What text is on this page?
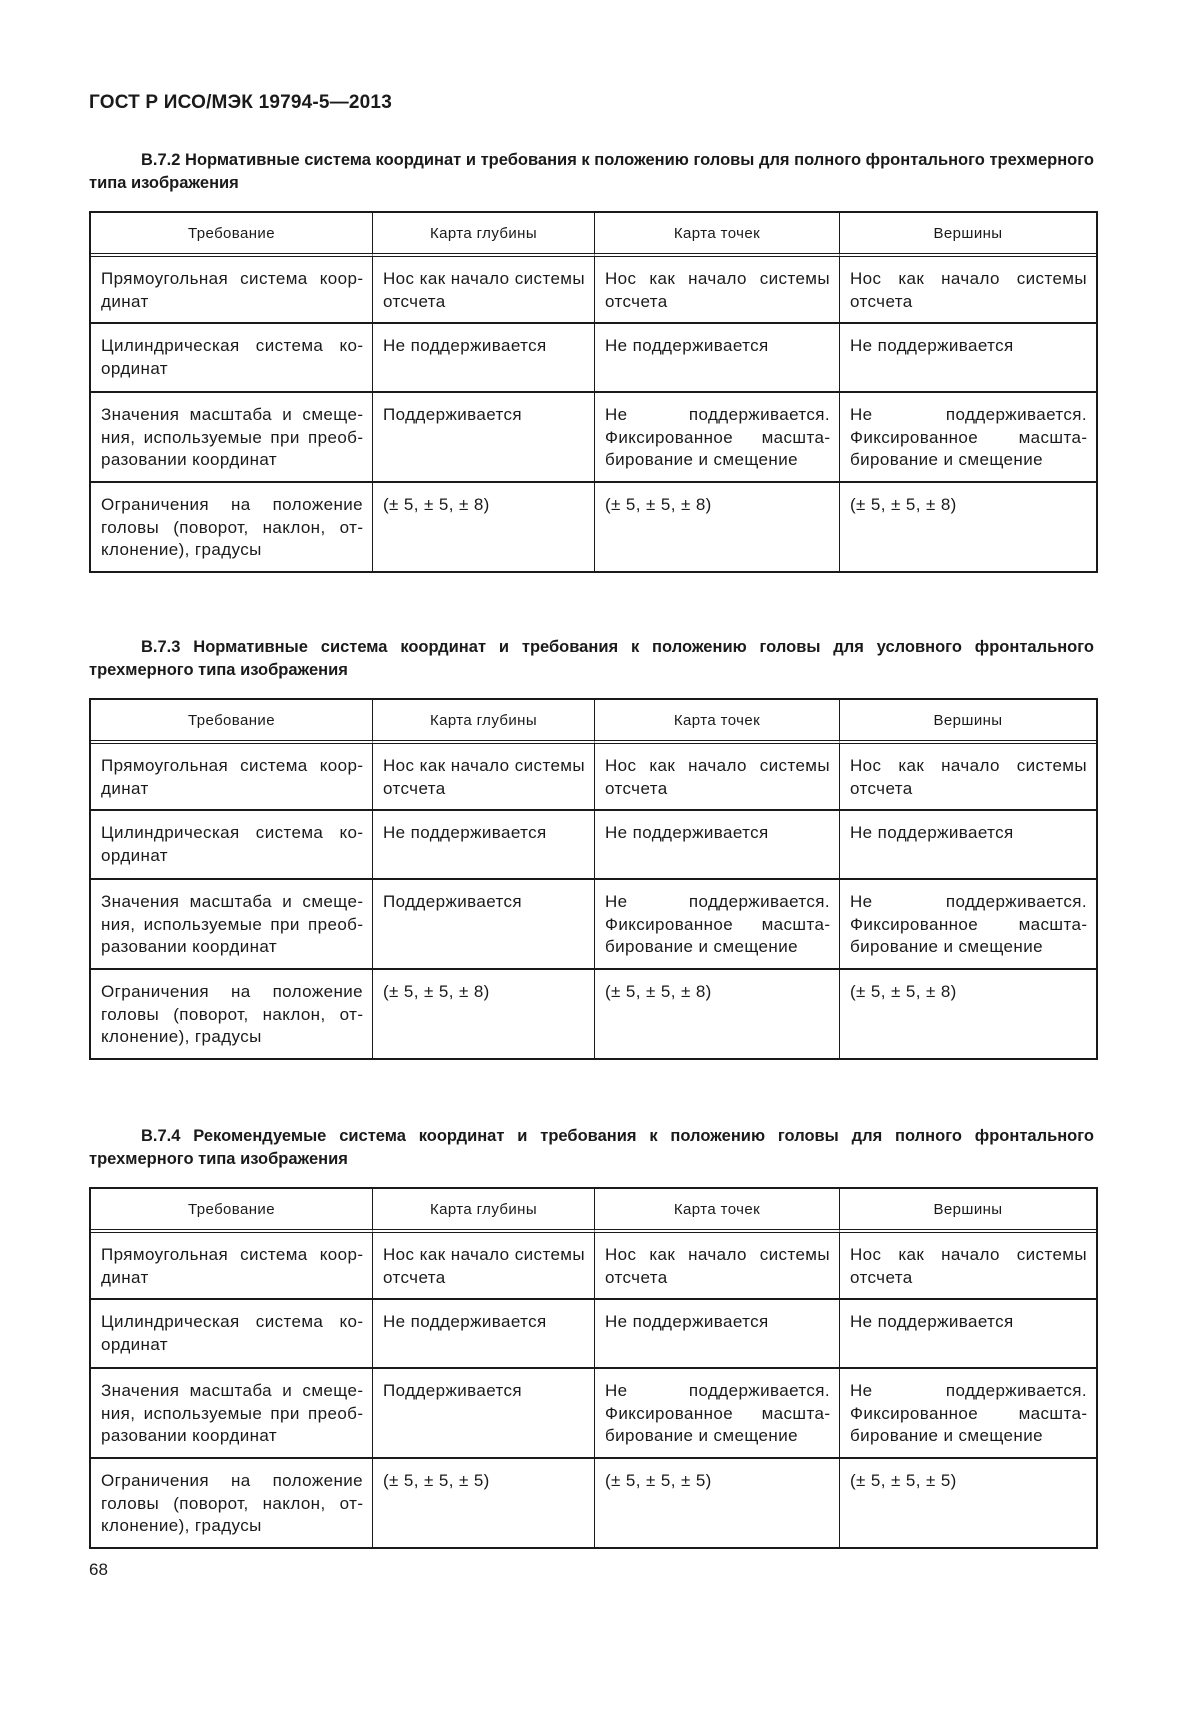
ГОСТ Р ИСО/МЭК 19794-5—2013

В.7.2 Нормативные система координат и требования к положению головы для полного фронтального трехмерного типа изображения

Требование	Карта глубины	Карта точек	Вершины
Прямоугольная система координат	Нос как начало системы отсчета	Нос как начало системы отсчета	Нос как начало системы отсчета
Цилиндрическая система координат	Не поддерживается	Не поддерживается	Не поддерживается
Значения масштаба и смещения, используемые при преобразовании координат	Поддерживается	Не поддерживается. Фиксированное масштабирование и смещение	Не поддерживается. Фиксированное масштабирование и смещение
Ограничения на положение головы (поворот, наклон, отклонение), градусы	(± 5, ± 5, ± 8)	(± 5, ± 5, ± 8)	(± 5, ± 5, ± 8)

В.7.3 Нормативные система координат и требования к положению головы для условного фронтального трехмерного типа изображения

Требование	Карта глубины	Карта точек	Вершины
Прямоугольная система координат	Нос как начало системы отсчета	Нос как начало системы отсчета	Нос как начало системы отсчета
Цилиндрическая система координат	Не поддерживается	Не поддерживается	Не поддерживается
Значения масштаба и смещения, используемые при преобразовании координат	Поддерживается	Не поддерживается. Фиксированное масштабирование и смещение	Не поддерживается. Фиксированное масштабирование и смещение
Ограничения на положение головы (поворот, наклон, отклонение), градусы	(± 5, ± 5, ± 8)	(± 5, ± 5, ± 8)	(± 5, ± 5, ± 8)

В.7.4 Рекомендуемые система координат и требования к положению головы для полного фронтального трехмерного типа изображения

Требование	Карта глубины	Карта точек	Вершины
Прямоугольная система координат	Нос как начало системы отсчета	Нос как начало системы отсчета	Нос как начало системы отсчета
Цилиндрическая система координат	Не поддерживается	Не поддерживается	Не поддерживается
Значения масштаба и смещения, используемые при преобразовании координат	Поддерживается	Не поддерживается. Фиксированное масштабирование и смещение	Не поддерживается. Фиксированное масштабирование и смещение
Ограничения на положение головы (поворот, наклон, отклонение), градусы	(± 5, ± 5, ± 5)	(± 5, ± 5, ± 5)	(± 5, ± 5, ± 5)
68
